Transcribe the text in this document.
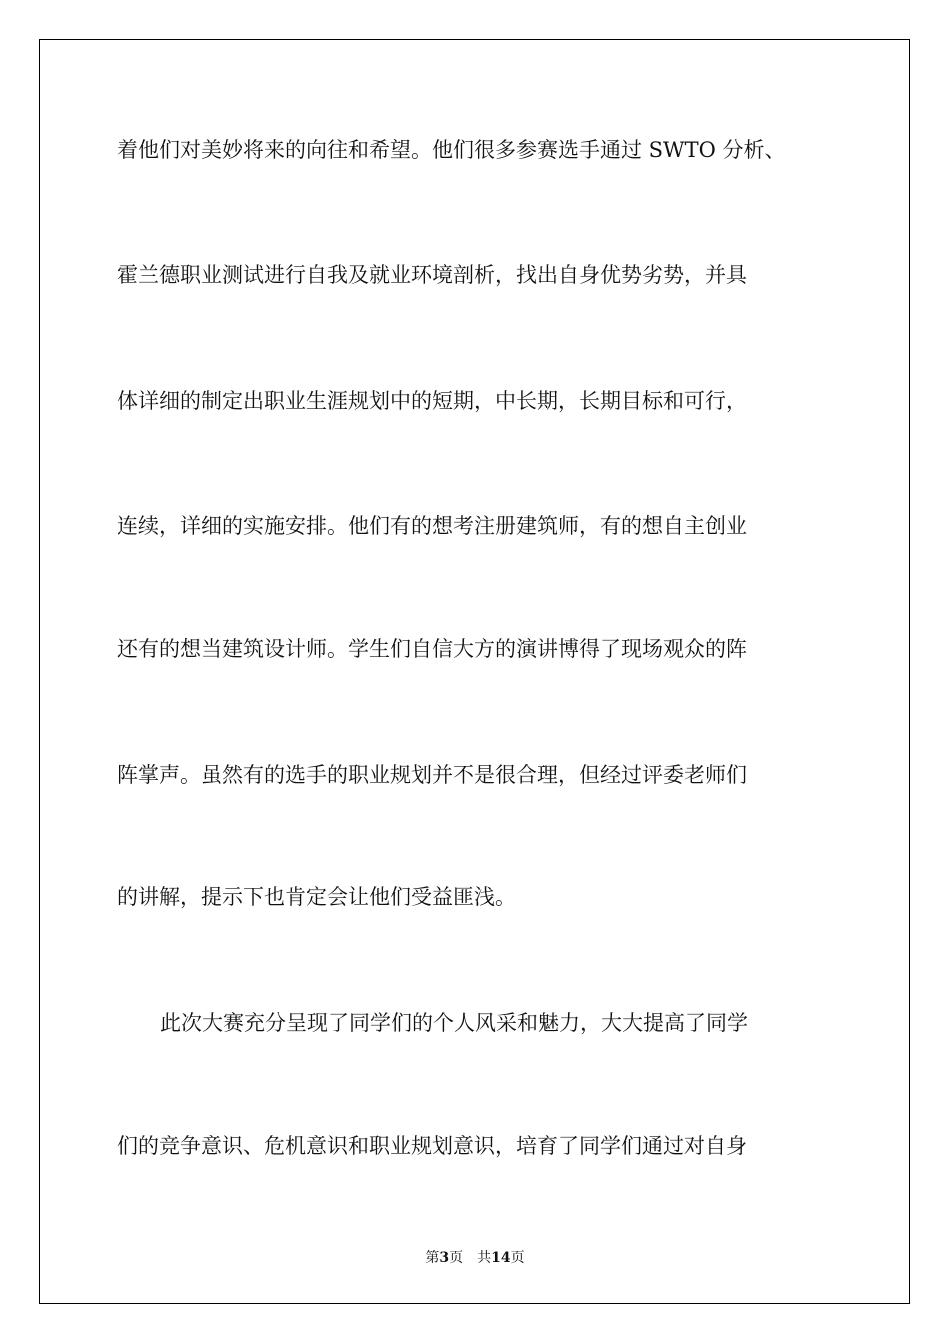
着他们对美妙将来的向往和希望。他们很多参赛选手通过 SWTO 分析、
霍兰德职业测试进行自我及就业环境剖析，找出自身优势劣势，并具
体详细的制定出职业生涯规划中的短期，中长期，长期目标和可行，
连续，详细的实施安排。他们有的想考注册建筑师，有的想自主创业
还有的想当建筑设计师。学生们自信大方的演讲博得了现场观众的阵
阵掌声。虽然有的选手的职业规划并不是很合理，但经过评委老师们
的讲解，提示下也肯定会让他们受益匪浅。
此次大赛充分呈现了同学们的个人风采和魅力，大大提高了同学
们的竞争意识、危机意识和职业规划意识，培育了同学们通过对自身
第3页 共14页
